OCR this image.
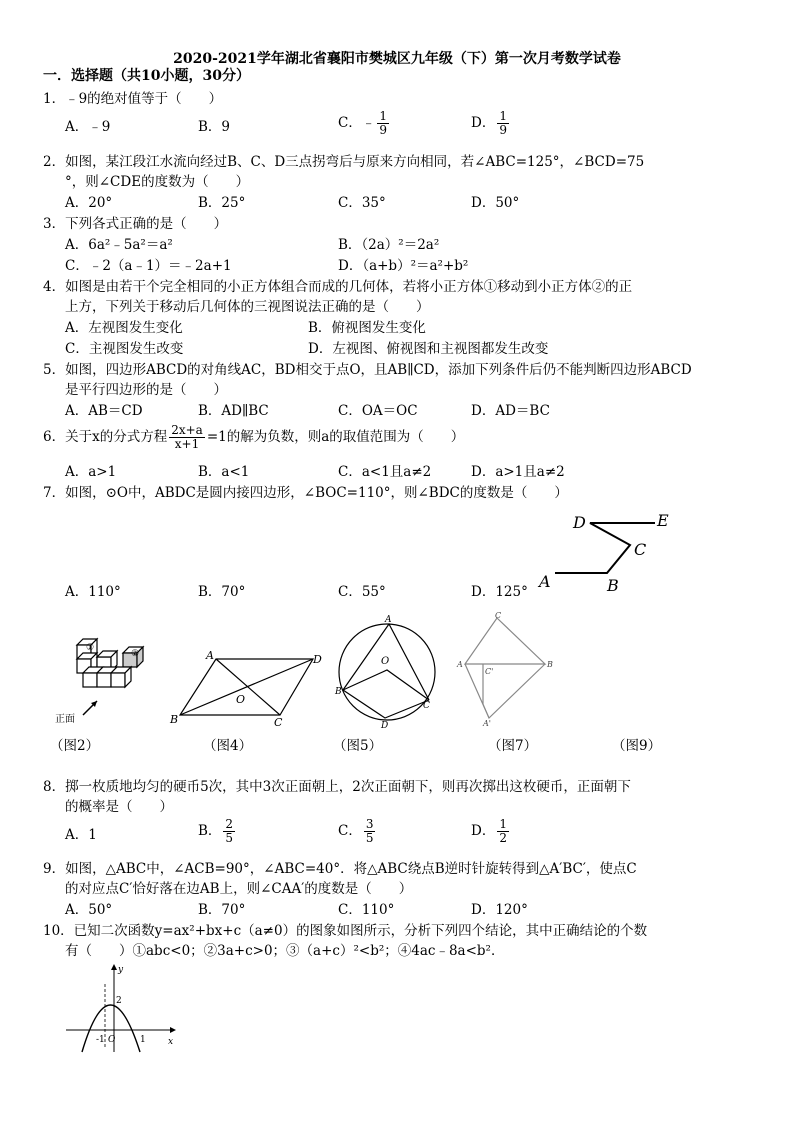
2020-2021学年湖北省襄阳市樊城区九年级（下）第一次月考数学试卷
一．选择题（共10小题，30分）
1．﹣9的绝对值等于（　　）
A．﹣9	B．9	C．﹣ $\frac{1}{9}$	D． $\frac{1}{9}$
2．如图，某江段江水流向经过B、C、D三点拐弯后与原来方向相同，若∠ABC=125°，∠BCD=75
°，则∠CDE的度数为（　　）
A．20°	B．25°	C．35°	D．50°
3．下列各式正确的是（　　）
A．6a²﹣5a²＝a²	B．（2a）²＝2a²
C．﹣2（a﹣1）＝﹣2a+1	D．（a+b）²＝a²+b²
4．如图是由若干个完全相同的小正方体组合而成的几何体，若将小正方体①移动到小正方体②的正
上方，下列关于移动后几何体的三视图说法正确的是（　　）
A．左视图发生变化	B．俯视图发生变化
C．主视图发生改变	D．左视图、俯视图和主视图都发生改变
5．如图，四边形ABCD的对角线AC，BD相交于点O，且AB∥CD，添加下列条件后仍不能判断四边形ABCD
是平行四边形的是（　　）
A．AB＝CD	B．AD∥BC	C．OA＝OC	D．AD＝BC
6．关于x的分式方程 $\frac{2x+a}{x+1} =1$的解为负数，则a的取值范围为（　　）
A．a>1	B．a<1	C．a<1且a≠2	D．a>1且a≠2
7．如图，⊙O中，ABDC是圆内接四边形，∠BOC=110°，则∠BDC的度数是（　　）
A．110°	B．70°	C．55°	D．125°
A	B
C
D	E
①
②
正面
A
B	C
D
O
A
B
C
D
O
C
A	B
C'
A'
（图2）	（图4）	（图5）	（图7）	（图9）
8．掷一枚质地均匀的硬币5次，其中3次正面朝上，2次正面朝下，则再次掷出这枚硬币，正面朝下
的概率是（　　）
A．1	B． $\frac{2}{5}$	C． $\frac{3}{5}$	D． $\frac{1}{2}$
9．如图，△ABC中，∠ACB=90°，∠ABC=40°．将△ABC绕点B逆时针旋转得到△A′BC′，使点C
的对应点C′恰好落在边AB上，则∠CAA′的度数是（　　）
A．50°	B．70°	C．110°	D．120°
10．已知二次函数y=ax²+bx+c（a≠0）的图象如图所示，分析下列四个结论，其中正确结论的个数
有（　　）①abc<0；②3a+c>0；③（a+c）²<b²；④4ac﹣8a<b²．
y
x
2
-1 O	1
